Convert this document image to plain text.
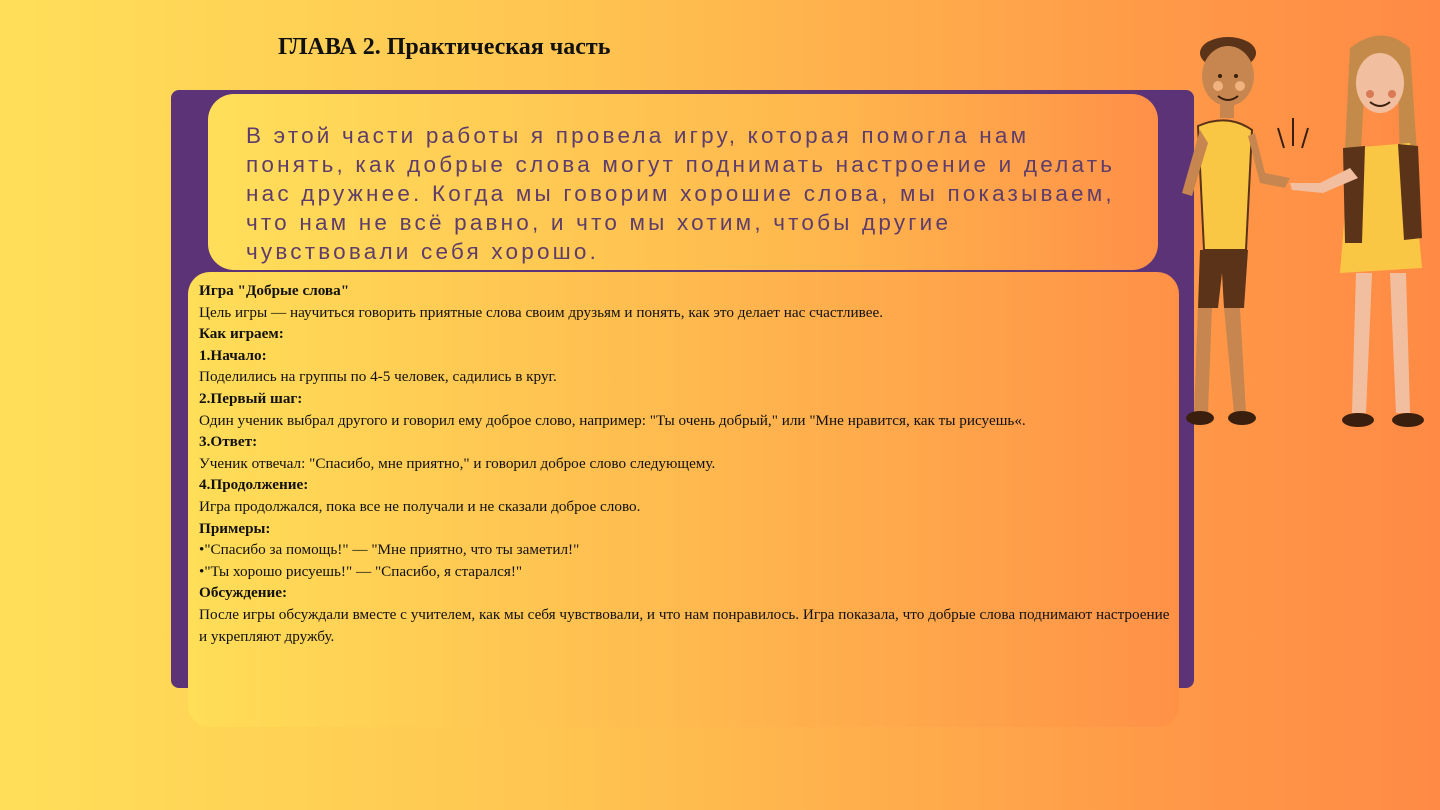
ГЛАВА 2. Практическая часть

В этой части работы я провела игру, которая помогла нам понять, как добрые слова могут поднимать настроение и делать нас дружнее. Когда мы говорим хорошие слова, мы показываем, что нам не всё равно, и что мы хотим, чтобы другие чувствовали себя хорошо.

Игра "Добрые слова"
Цель игры — научиться говорить приятные слова своим друзьям и понять, как это делает нас счастливее.
Как играем:
1.Начало:
Поделились на группы по 4-5 человек, садились в круг.
2.Первый шаг:
Один ученик выбрал другого и говорил ему доброе слово, например: "Ты очень добрый," или "Мне нравится, как ты рисуешь«.
3.Ответ:
Ученик отвечал: "Спасибо, мне приятно," и говорил доброе слово следующему.
4.Продолжение:
Игра продолжался, пока все не получали и не сказали доброе слово.
Примеры:
•"Спасибо за помощь!" — "Мне приятно, что ты заметил!"
•"Ты хорошо рисуешь!" — "Спасибо, я старался!"
Обсуждение:
После игры обсуждали вместе с учителем, как мы себя чувствовали, и что нам понравилось. Игра показала, что добрые слова поднимают настроение и укрепляют дружбу.
